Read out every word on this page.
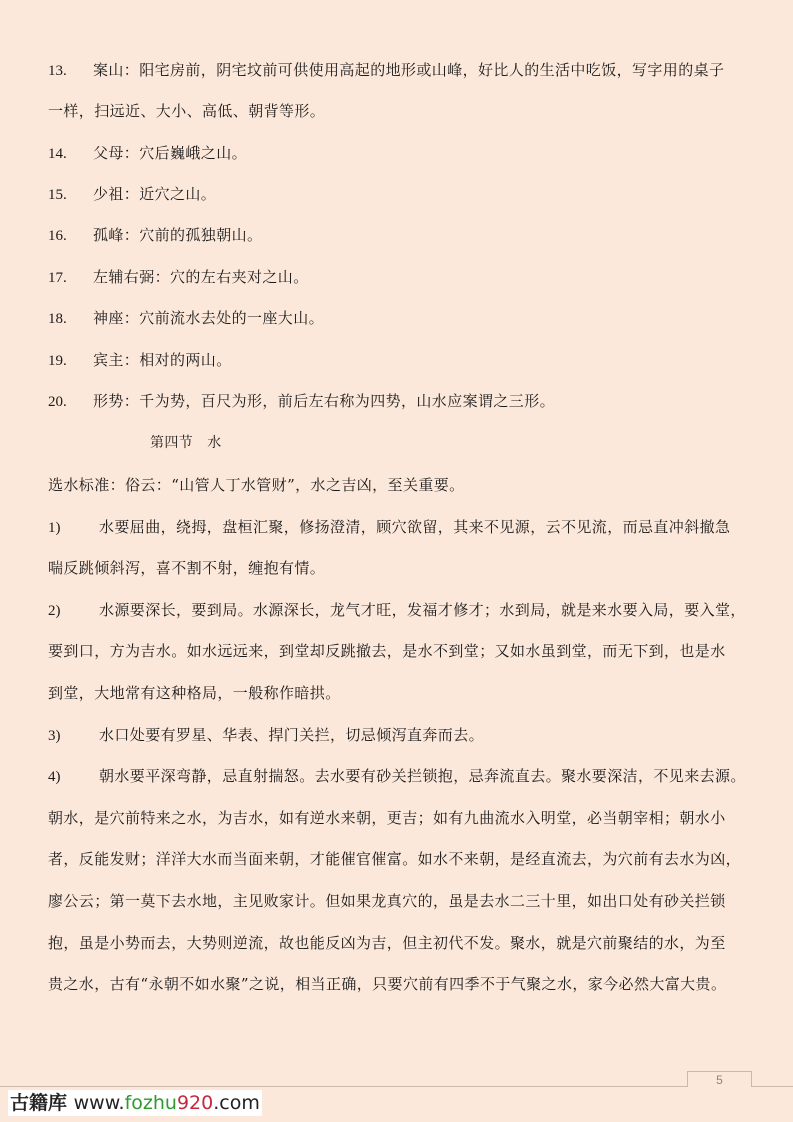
13. 案山：阳宅房前，阴宅坟前可供使用高起的地形或山峰，好比人的生活中吃饭，写字用的桌子
一样，扫远近、大小、高低、朝背等形。
14. 父母：穴后巍峨之山。
15. 少祖：近穴之山。
16. 孤峰：穴前的孤独朝山。
17. 左辅右弼：穴的左右夹对之山。
18. 神座：穴前流水去处的一座大山。
19. 宾主：相对的两山。
20. 形势：千为势，百尺为形，前后左右称为四势，山水应案谓之三形。
第四节 水
选水标准：俗云：“山管人丁水管财”，水之吉凶，至关重要。
1)	水要屈曲，绕拇，盘桓汇聚，修扬澄清，顾穴欲留，其来不见源，云不见流，而忌直冲斜撤急
喘反跳倾斜泻，喜不割不射，缠抱有情。
2)	水源要深长，要到局。水源深长，龙气才旺，发福才修才；水到局，就是来水要入局，要入堂，
要到口，方为吉水。如水远远来，到堂却反跳撤去，是水不到堂；又如水虽到堂，而无下到，也是水
到堂，大地常有这种格局，一般称作暗拱。
3)	水口处要有罗星、华表、捍门关拦，切忌倾泻直奔而去。
4)	朝水要平深弯静，忌直射揣怒。去水要有砂关拦锁抱，忌奔流直去。聚水要深洁，不见来去源。
朝水，是穴前特来之水，为吉水，如有逆水来朝，更吉；如有九曲流水入明堂，必当朝宰相；朝水小
者，反能发财；洋洋大水而当面来朝，才能催官催富。如水不来朝，是经直流去，为穴前有去水为凶，
廖公云；第一莫下去水地，主见败家计。但如果龙真穴的，虽是去水二三十里，如出口处有砂关拦锁
抱，虽是小势而去，大势则逆流，故也能反凶为吉，但主初代不发。聚水，就是穴前聚结的水，为至
贵之水，古有“永朝不如水聚”之说，相当正确，只要穴前有四季不于气聚之水，家今必然大富大贵。
5
古籍库 www.fozhu920.com
